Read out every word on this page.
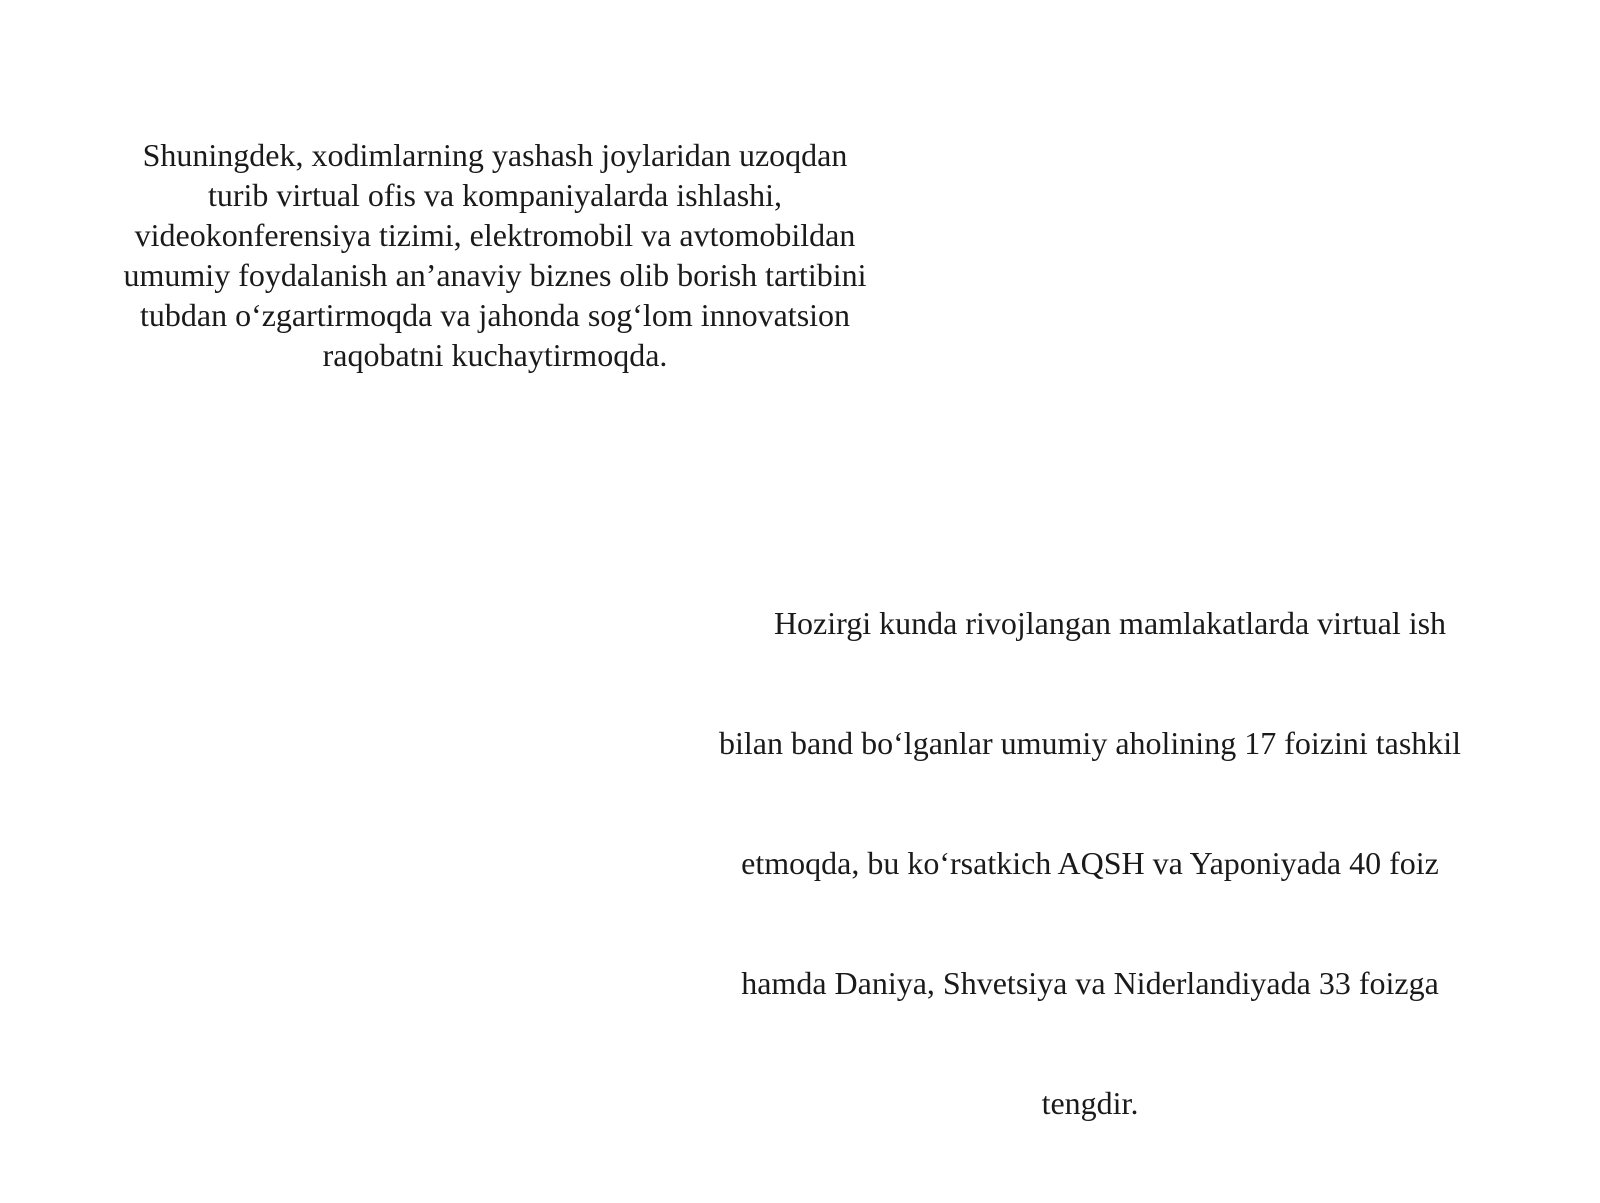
Shuningdek, xodimlarning yashash joylaridan uzoqdan
turib virtual ofis va kompaniyalarda ishlashi,
videokonferensiya tizimi, elektromobil va avtomobildan
umumiy foydalanish an’anaviy biznes olib borish tartibini
tubdan o‘zgartirmoqda va jahonda sog‘lom innovatsion
raqobatni kuchaytirmoqda.

Hozirgi kunda rivojlangan mamlakatlarda virtual ish

bilan band bo‘lganlar umumiy aholining 17 foizini tashkil

etmoqda, bu ko‘rsatkich AQSH va Yaponiyada 40 foiz

hamda Daniya, Shvetsiya va Niderlandiyada 33 foizga

tengdir.
